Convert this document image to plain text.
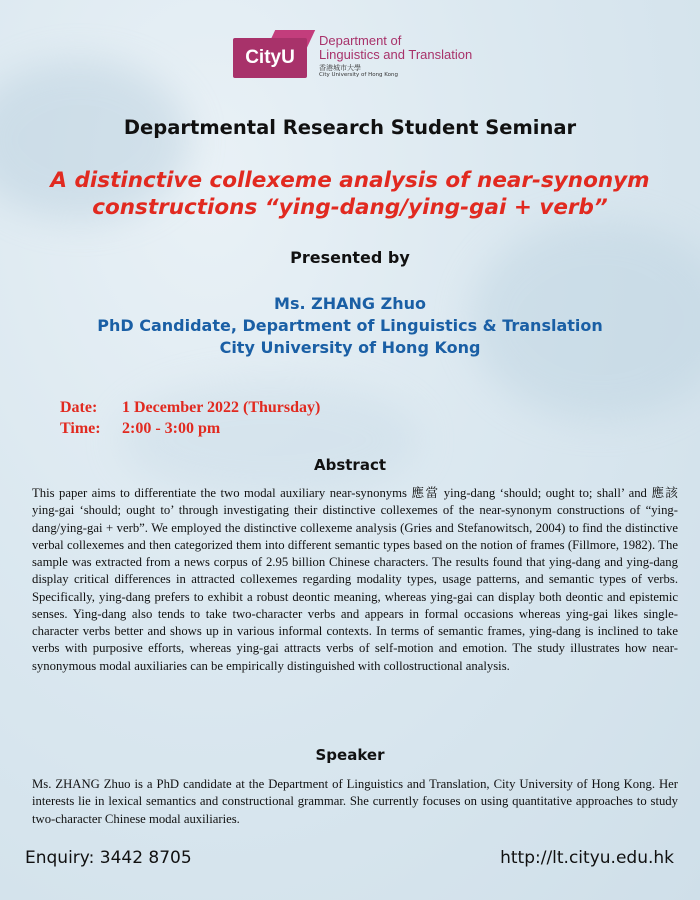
CityU
Department of
Linguistics and Translation
香港城市大學
City University of Hong Kong
Departmental Research Student Seminar
A distinctive collexeme analysis of near-synonym
constructions “ying-dang/ying-gai + verb”
Presented by
Ms. ZHANG Zhuo
PhD Candidate, Department of Linguistics & Translation
City University of Hong Kong
Date: 1 December 2022 (Thursday)
Time: 2:00 - 3:00 pm
Abstract
This paper aims to differentiate the two modal auxiliary near-synonyms 應當 ying-dang ‘should; ought to; shall’ and 應該 ying-gai ‘should; ought to’ through investigating their distinctive collexemes of the near-synonym constructions of “ying-dang/ying-gai + verb”. We employed the distinctive collexeme analysis (Gries and Stefanowitsch, 2004) to find the distinctive verbal collexemes and then categorized them into different semantic types based on the notion of frames (Fillmore, 1982). The sample was extracted from a news corpus of 2.95 billion Chinese characters. The results found that ying-dang and ying-dang display critical differences in attracted collexemes regarding modality types, usage patterns, and semantic types of verbs. Specifically, ying-dang prefers to exhibit a robust deontic meaning, whereas ying-gai can display both deontic and epistemic senses. Ying-dang also tends to take two-character verbs and appears in formal occasions whereas ying-gai likes single-character verbs better and shows up in various informal contexts. In terms of semantic frames, ying-dang is inclined to take verbs with purposive efforts, whereas ying-gai attracts verbs of self-motion and emotion. The study illustrates how near-synonymous modal auxiliaries can be empirically distinguished with collostructional analysis.
Speaker
Ms. ZHANG Zhuo is a PhD candidate at the Department of Linguistics and Translation, City University of Hong Kong. Her interests lie in lexical semantics and constructional grammar. She currently focuses on using quantitative approaches to study two-character Chinese modal auxiliaries.
Enquiry: 3442 8705	http://lt.cityu.edu.hk
